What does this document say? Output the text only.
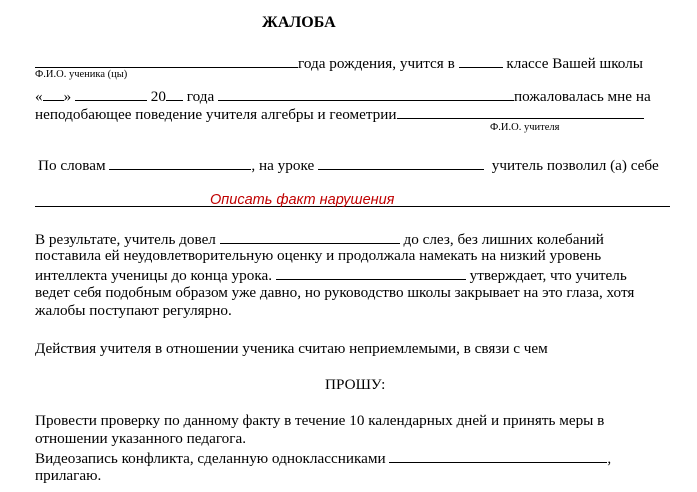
ЖАЛОБА
года рождения, учится в	классе Вашей школы
Ф.И.О. ученика (цы)
« »	20 года	пожаловалась мне на
неподобающее поведение учителя алгебры и геометрии
Ф.И.О. учителя
По словам	, на уроке	учитель позволил (а) себе
Описать факт нарушения
В результате, учитель довел	до слез, без лишних колебаний
поставила ей неудовлетворительную оценку и продолжала намекать на низкий уровень
интеллекта ученицы до конца урока.	утверждает, что учитель
ведет себя подобным образом уже давно, но руководство школы закрывает на это глаза, хотя
жалобы поступают регулярно.
Действия учителя в отношении ученика считаю неприемлемыми, в связи с чем
ПРОШУ:
Провести проверку по данному факту в течение 10 календарных дней и принять меры в
отношении указанного педагога.
Видеозапись конфликта, сделанную одноклассниками	,
прилагаю.
